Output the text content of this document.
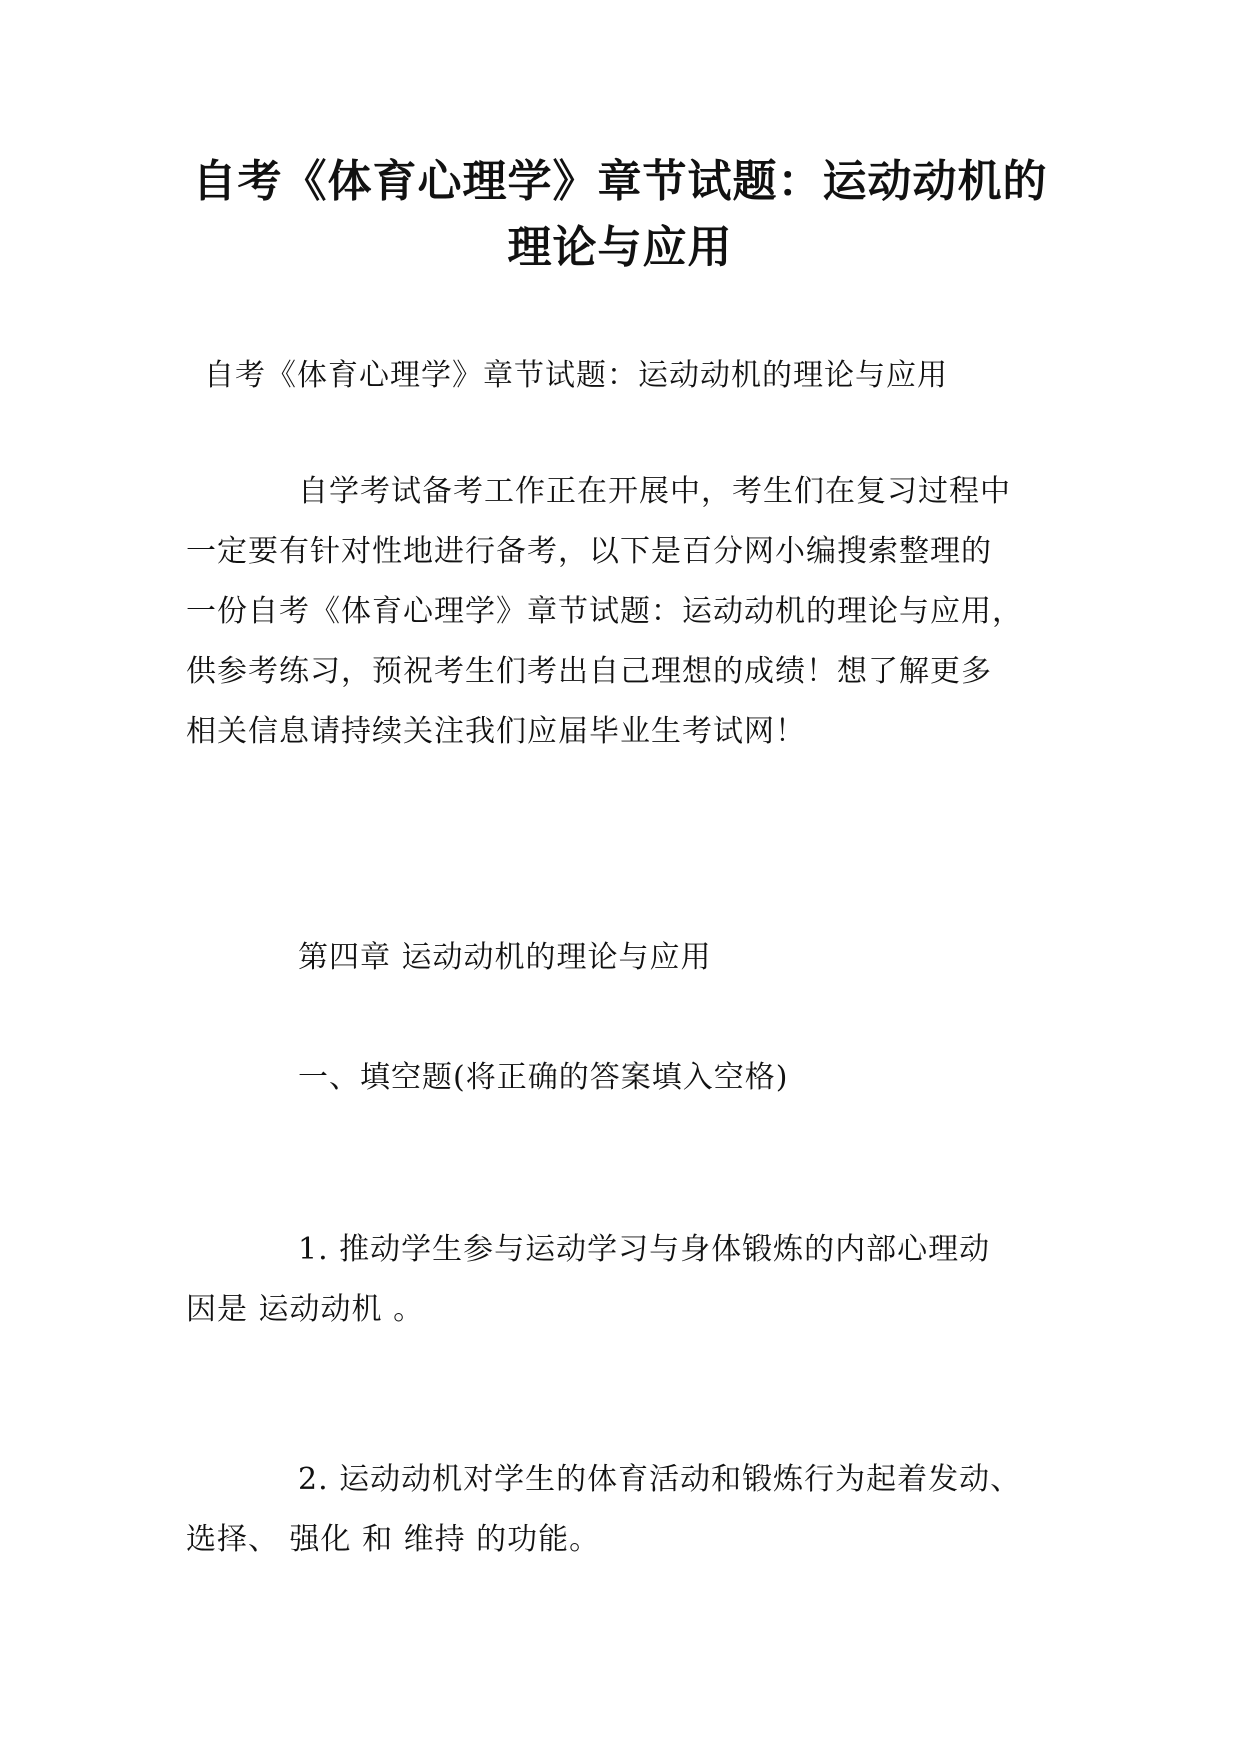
自考《体育心理学》章节试题：运动动机的
理论与应用

自考《体育心理学》章节试题：运动动机的理论与应用

自学考试备考工作正在开展中，考生们在复习过程中

一定要有针对性地进行备考，以下是百分网小编搜索整理的

一份自考《体育心理学》章节试题：运动动机的理论与应用，

供参考练习，预祝考生们考出自己理想的成绩！想了解更多

相关信息请持续关注我们应届毕业生考试网！

第四章 运动动机的理论与应用

一、填空题(将正确的答案填入空格)

1. 推动学生参与运动学习与身体锻炼的内部心理动

因是 运动动机 。

2. 运动动机对学生的体育活动和锻炼行为起着发动、

选择、 强化 和 维持 的功能。
